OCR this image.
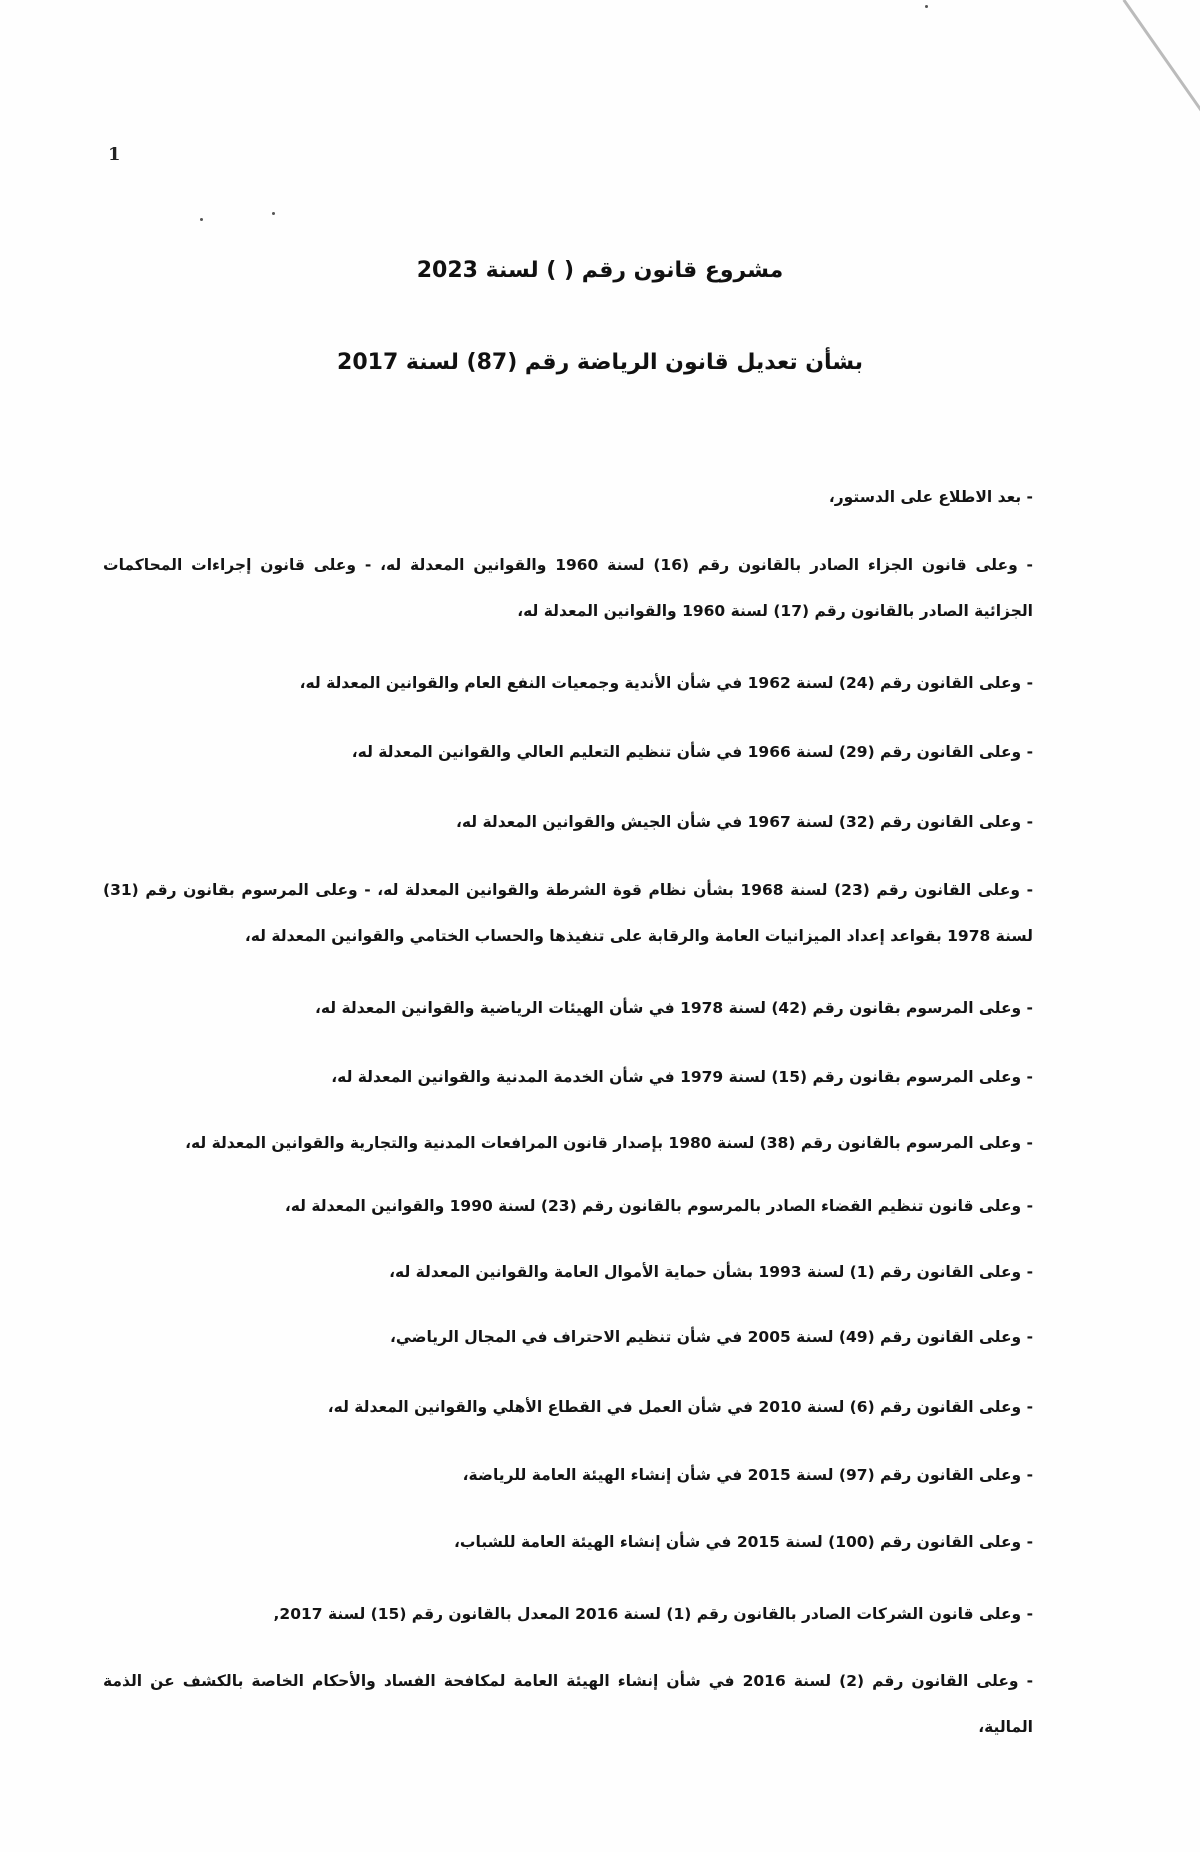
1
مشروع قانون رقم ( ) لسنة 2023
بشأن تعديل قانون الرياضة رقم (87) لسنة 2017
- بعد الاطلاع على الدستور،
- وعلى قانون الجزاء الصادر بالقانون رقم (16) لسنة 1960 والقوانين المعدلة له، - وعلى قانون إجراءات المحاكمات الجزائية الصادر بالقانون رقم (17) لسنة 1960 والقوانين المعدلة له،
- وعلى القانون رقم (24) لسنة 1962 في شأن الأندية وجمعيات النفع العام والقوانين المعدلة له،
- وعلى القانون رقم (29) لسنة 1966 في شأن تنظيم التعليم العالي والقوانين المعدلة له،
- وعلى القانون رقم (32) لسنة 1967 في شأن الجيش والقوانين المعدلة له،
- وعلى القانون رقم (23) لسنة 1968 بشأن نظام قوة الشرطة والقوانين المعدلة له، - وعلى المرسوم بقانون رقم (31) لسنة 1978 بقواعد إعداد الميزانيات العامة والرقابة على تنفيذها والحساب الختامي والقوانين المعدلة له،
- وعلى المرسوم بقانون رقم (42) لسنة 1978 في شأن الهيئات الرياضية والقوانين المعدلة له،
- وعلى المرسوم بقانون رقم (15) لسنة 1979 في شأن الخدمة المدنية والقوانين المعدلة له،
- وعلى المرسوم بالقانون رقم (38) لسنة 1980 بإصدار قانون المرافعات المدنية والتجارية والقوانين المعدلة له،
- وعلى قانون تنظيم القضاء الصادر بالمرسوم بالقانون رقم (23) لسنة 1990 والقوانين المعدلة له،
- وعلى القانون رقم (1) لسنة 1993 بشأن حماية الأموال العامة والقوانين المعدلة له،
- وعلى القانون رقم (49) لسنة 2005 في شأن تنظيم الاحتراف في المجال الرياضي،
- وعلى القانون رقم (6) لسنة 2010 في شأن العمل في القطاع الأهلي والقوانين المعدلة له،
- وعلى القانون رقم (97) لسنة 2015 في شأن إنشاء الهيئة العامة للرياضة،
- وعلى القانون رقم (100) لسنة 2015 في شأن إنشاء الهيئة العامة للشباب،
- وعلى قانون الشركات الصادر بالقانون رقم (1) لسنة 2016 المعدل بالقانون رقم (15) لسنة 2017,
- وعلى القانون رقم (2) لسنة 2016 في شأن إنشاء الهيئة العامة لمكافحة الفساد والأحكام الخاصة بالكشف عن الذمة المالية،
